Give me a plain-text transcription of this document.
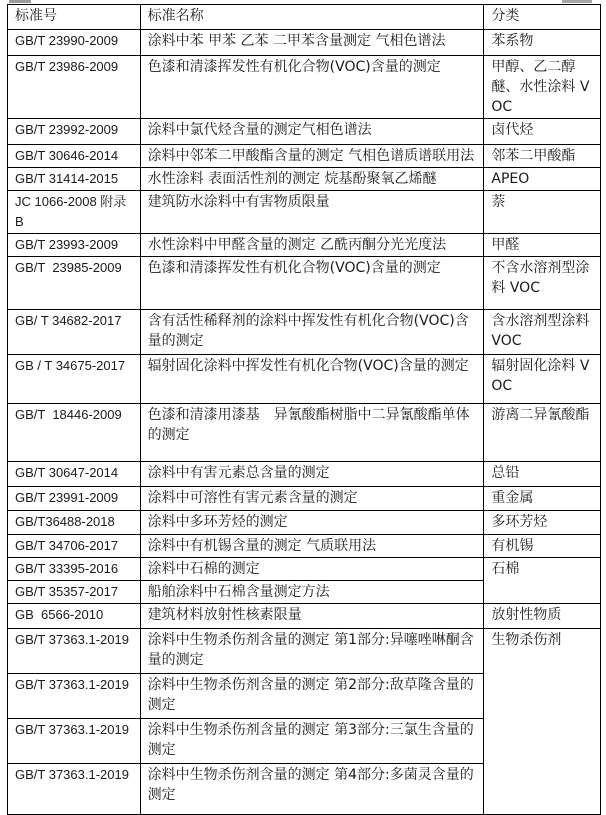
标准号	标准名称	分类
GB/T 23990-2009	涂料中苯 甲苯 乙苯 二甲苯含量测定 气相色谱法	苯系物
GB/T 23986-2009	色漆和清漆挥发性有机化合物(VOC)含量的测定	甲醇、乙二醇醚、水性涂料 VOC
GB/T 23992-2009	涂料中氯代烃含量的测定气相色谱法	卤代烃
GB/T 30646-2014	涂料中邻苯二甲酸酯含量的测定 气相色谱质谱联用法	邻苯二甲酸酯
GB/T 31414-2015	水性涂料 表面活性剂的测定 烷基酚聚氧乙烯醚	APEO
JC 1066-2008 附录 B	建筑防水涂料中有害物质限量	萘
GB/T 23993-2009	水性涂料中甲醛含量的测定 乙酰丙酮分光光度法	甲醛
GB/T  23985-2009	色漆和清漆挥发性有机化合物(VOC)含量的测定	不含水溶剂型涂料 VOC
GB/ T 34682-2017	含有活性稀释剂的涂料中挥发性有机化合物(VOC)含量的测定	含水溶剂型涂料 VOC
GB / T 34675-2017	辐射固化涂料中挥发性有机化合物(VOC)含量的测定	辐射固化涂料 VOC
GB/T  18446-2009	色漆和清漆用漆基　异氰酸酯树脂中二异氰酸酯单体的测定	游离二异氰酸酯
GB/T 30647-2014	涂料中有害元素总含量的测定	总铅
GB/T 23991-2009	涂料中可溶性有害元素含量的测定	重金属
GB/T36488-2018	涂料中多环芳烃的测定	多环芳烃
GB/T 34706-2017	涂料中有机锡含量的测定 气质联用法	有机锡
GB/T 33395-2016	涂料中石棉的测定	石棉
GB/T 35357-2017	船舶涂料中石棉含量测定方法	
GB  6566-2010	建筑材料放射性核素限量	放射性物质
GB/T 37363.1-2019	涂料中生物杀伤剂含量的测定 第1部分:异噻唑啉酮含量的测定	生物杀伤剂
GB/T 37363.1-2019	涂料中生物杀伤剂含量的测定 第2部分:敌草隆含量的测定	
GB/T 37363.1-2019	涂料中生物杀伤剂含量的测定 第3部分:三氯生含量的测定	
GB/T 37363.1-2019	涂料中生物杀伤剂含量的测定 第4部分:多菌灵含量的测定	
